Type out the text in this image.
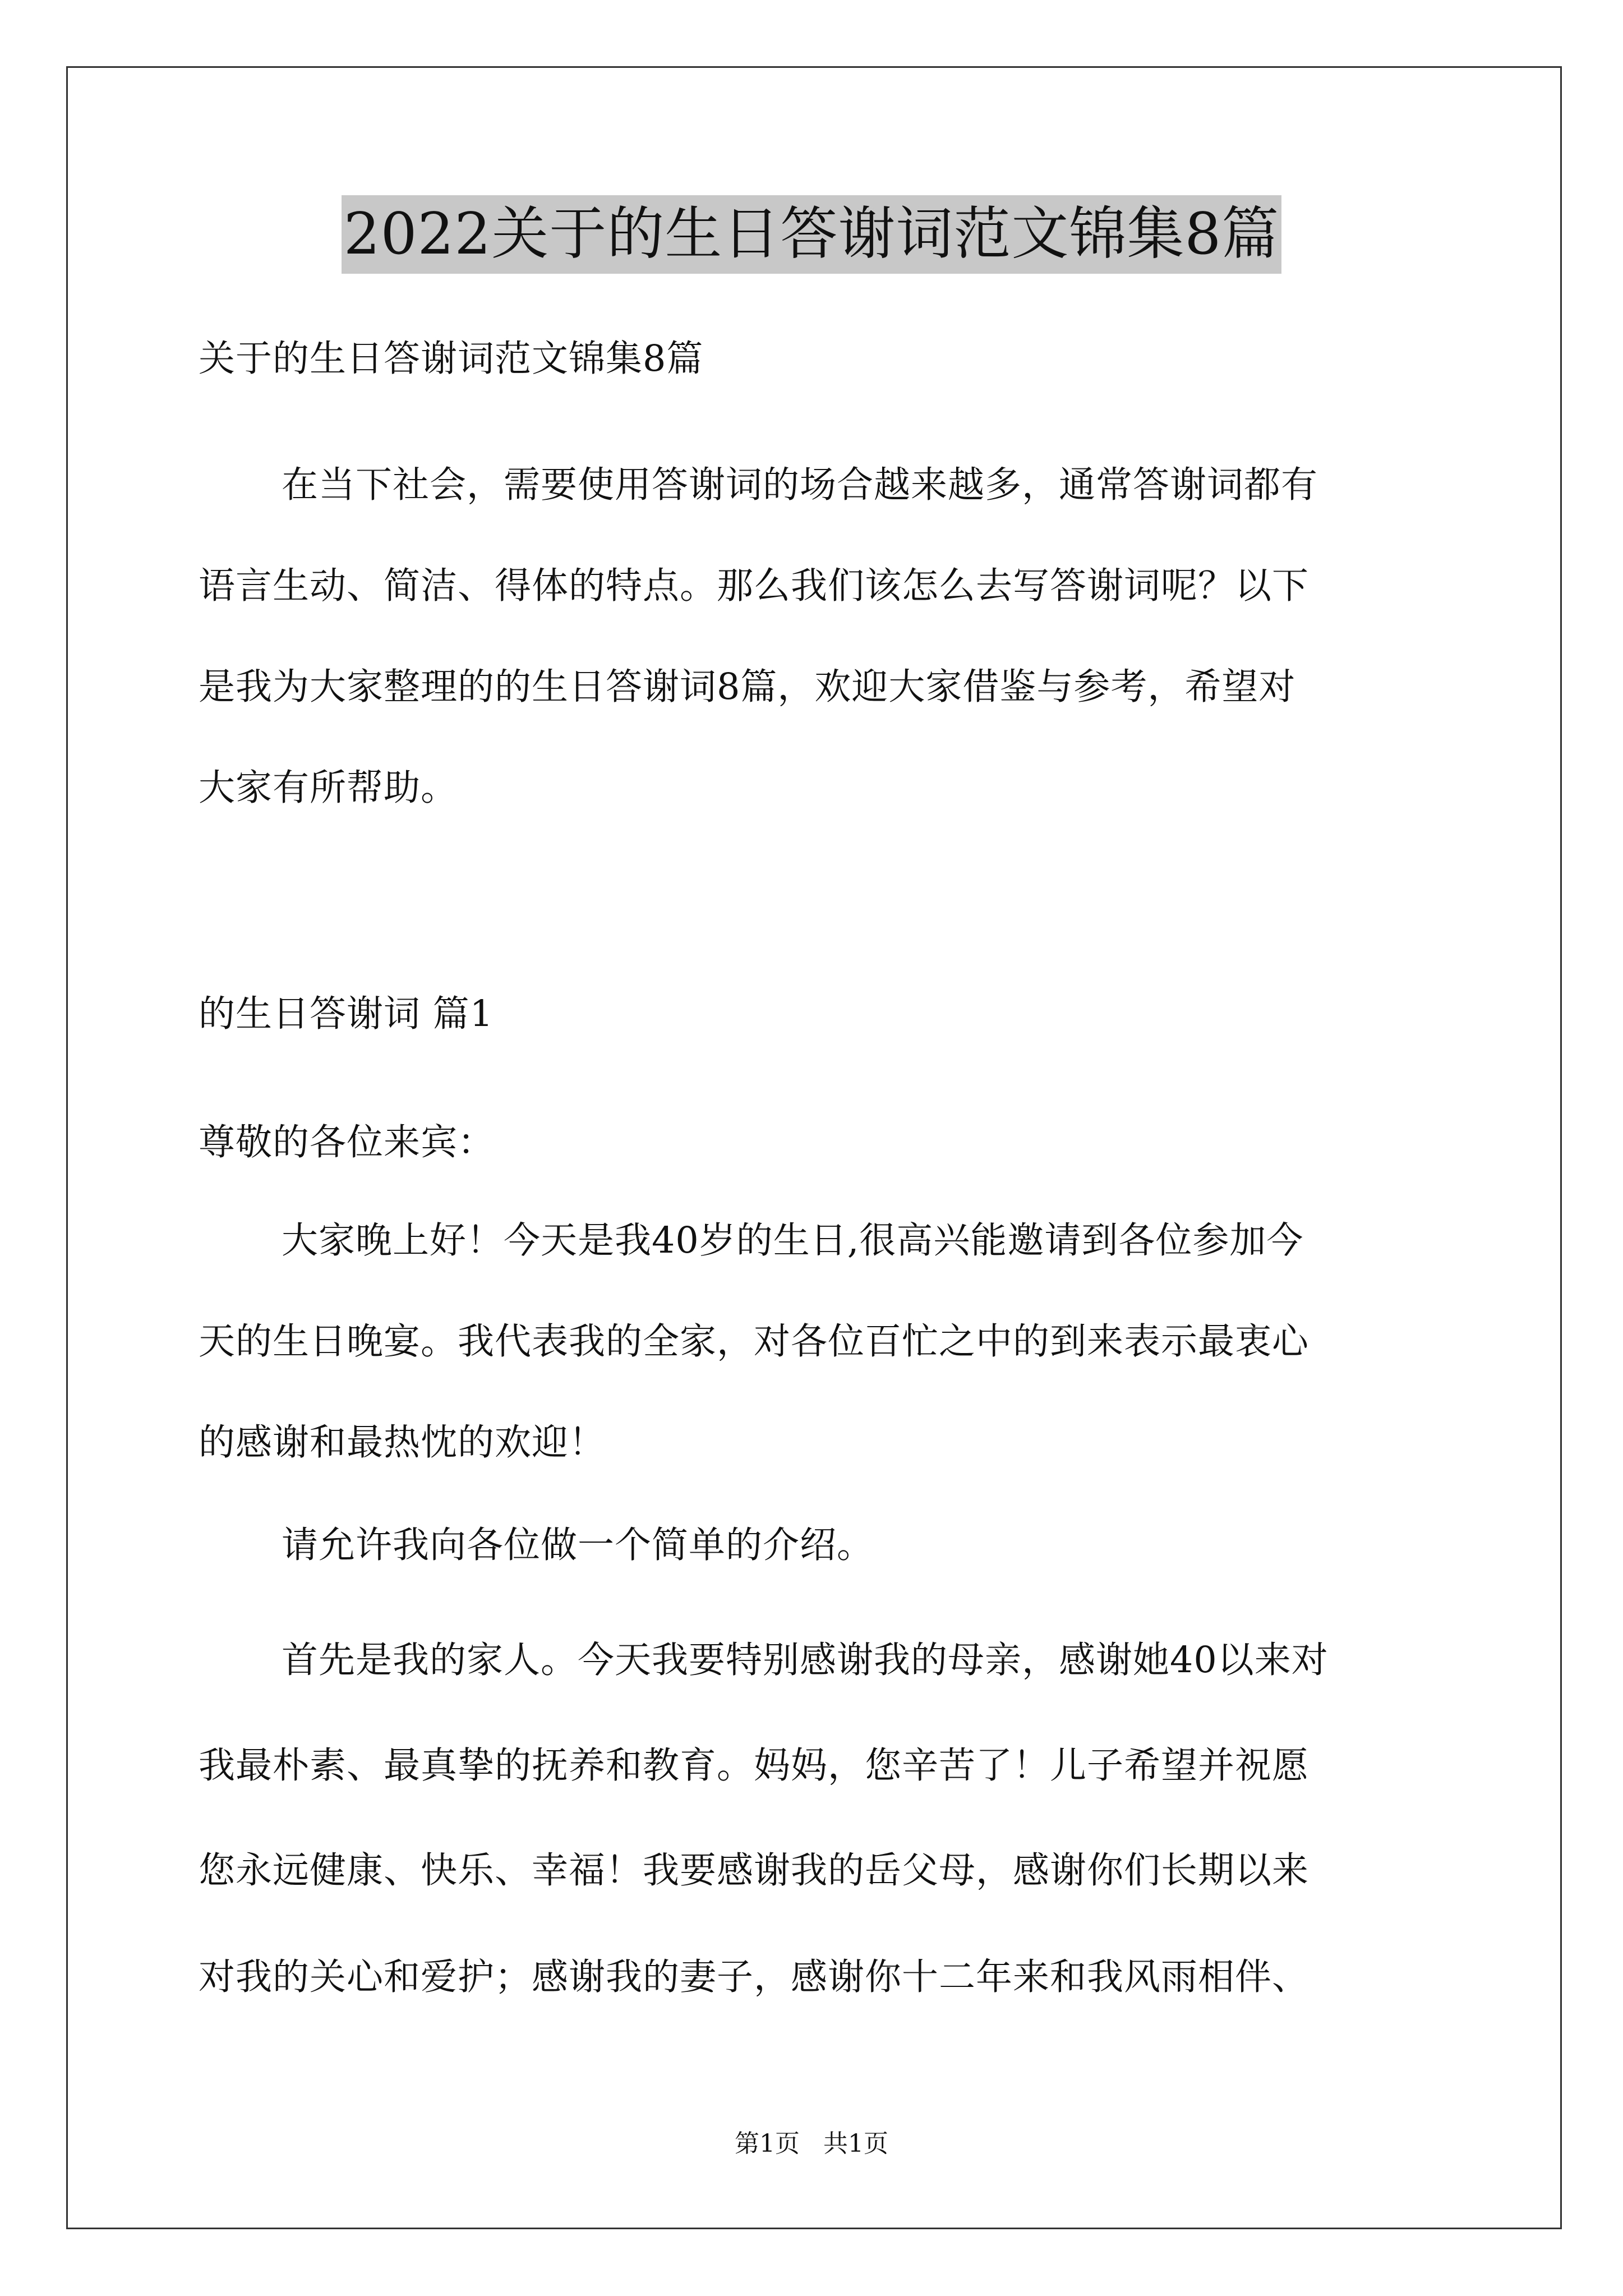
2022关于的生日答谢词范文锦集8篇
关于的生日答谢词范文锦集8篇
在当下社会，需要使用答谢词的场合越来越多，通常答谢词都有
语言生动、简洁、得体的特点。那么我们该怎么去写答谢词呢？以下
是我为大家整理的的生日答谢词8篇，欢迎大家借鉴与参考，希望对
大家有所帮助。
的生日答谢词 篇1
尊敬的各位来宾：
大家晚上好！今天是我40岁的生日,很高兴能邀请到各位参加今
天的生日晚宴。我代表我的全家，对各位百忙之中的到来表示最衷心
的感谢和最热忱的欢迎！
请允许我向各位做一个简单的介绍。
首先是我的家人。今天我要特别感谢我的母亲，感谢她40以来对
我最朴素、最真挚的抚养和教育。妈妈，您辛苦了！儿子希望并祝愿
您永远健康、快乐、幸福！我要感谢我的岳父母，感谢你们长期以来
对我的关心和爱护；感谢我的妻子，感谢你十二年来和我风雨相伴、
第1页 共1页
